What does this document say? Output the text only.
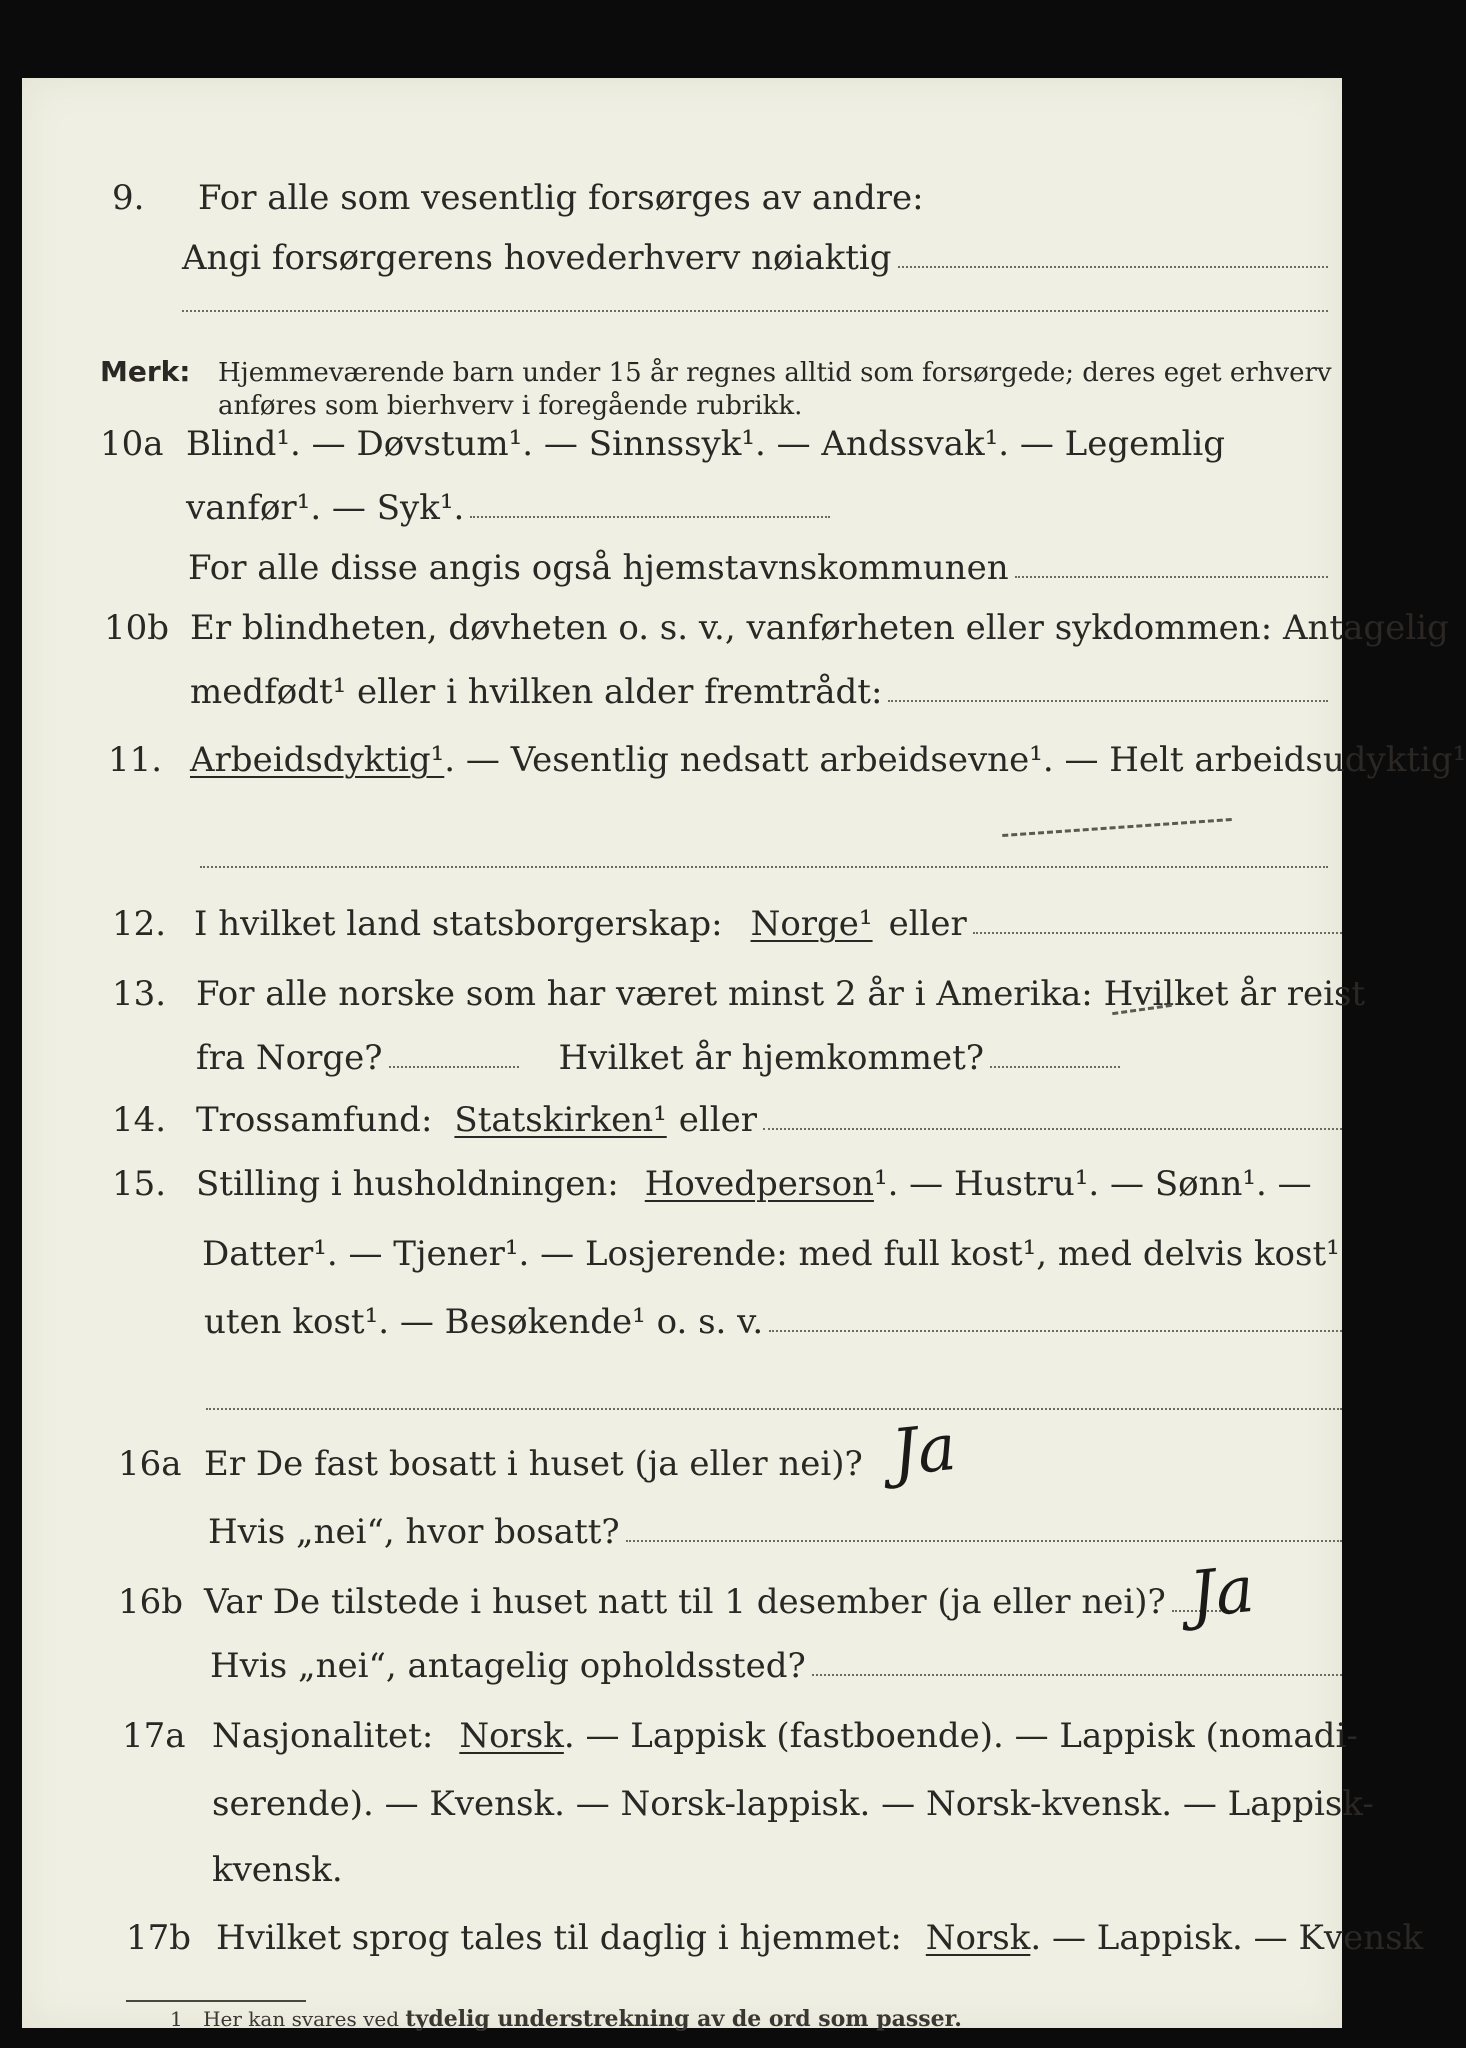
9.	For alle som vesentlig forsørges av andre:
Angi forsørgerens hovederhverv nøiaktig
Merk:	Hjemmeværende barn under 15 år regnes alltid som forsørgede; deres eget erhverv
anføres som bierhverv i foregående rubrikk.
10a Blind¹. — Døvstum¹. — Sinnssyk¹. — Andssvak¹. — Legemlig
vanfør¹. — Syk¹.
For alle disse angis også hjemstavnskommunen
10b Er blindheten, døvheten o. s. v., vanførheten eller sykdommen: Antagelig
medfødt¹ eller i hvilken alder fremtrådt:
11. Arbeidsdyktig¹ . — Vesentlig nedsatt arbeidsevne¹. — Helt arbeidsudyktig¹
12. I hvilket land statsborgerskap: Norge¹ eller
13. For alle norske som har været minst 2 år i Amerika: Hvilket år reist
fra Norge?	Hvilket år hjemkommet?
14. Trossamfund: Statskirken¹ eller
15. Stilling i husholdningen: Hovedperson ¹. — Hustru¹. — Sønn¹. —
Datter¹. — Tjener¹. — Losjerende: med full kost¹, med delvis kost¹
uten kost¹. — Besøkende¹ o. s. v.
16a Er De fast bosatt i huset (ja eller nei)? Ja
Hvis „nei“, hvor bosatt?
16b Var De tilstede i huset natt til 1 desember (ja eller nei)? Ja
Hvis „nei“, antagelig opholdssted?
17a Nasjonalitet: Norsk . — Lappisk (fastboende). — Lappisk (nomadi-
serende). — Kvensk. — Norsk-lappisk. — Norsk-kvensk. — Lappisk-
kvensk.
17b Hvilket sprog tales til daglig i hjemmet: Norsk . — Lappisk. — Kvensk
1 Her kan svares ved tydelig understrekning av de ord som passer.
